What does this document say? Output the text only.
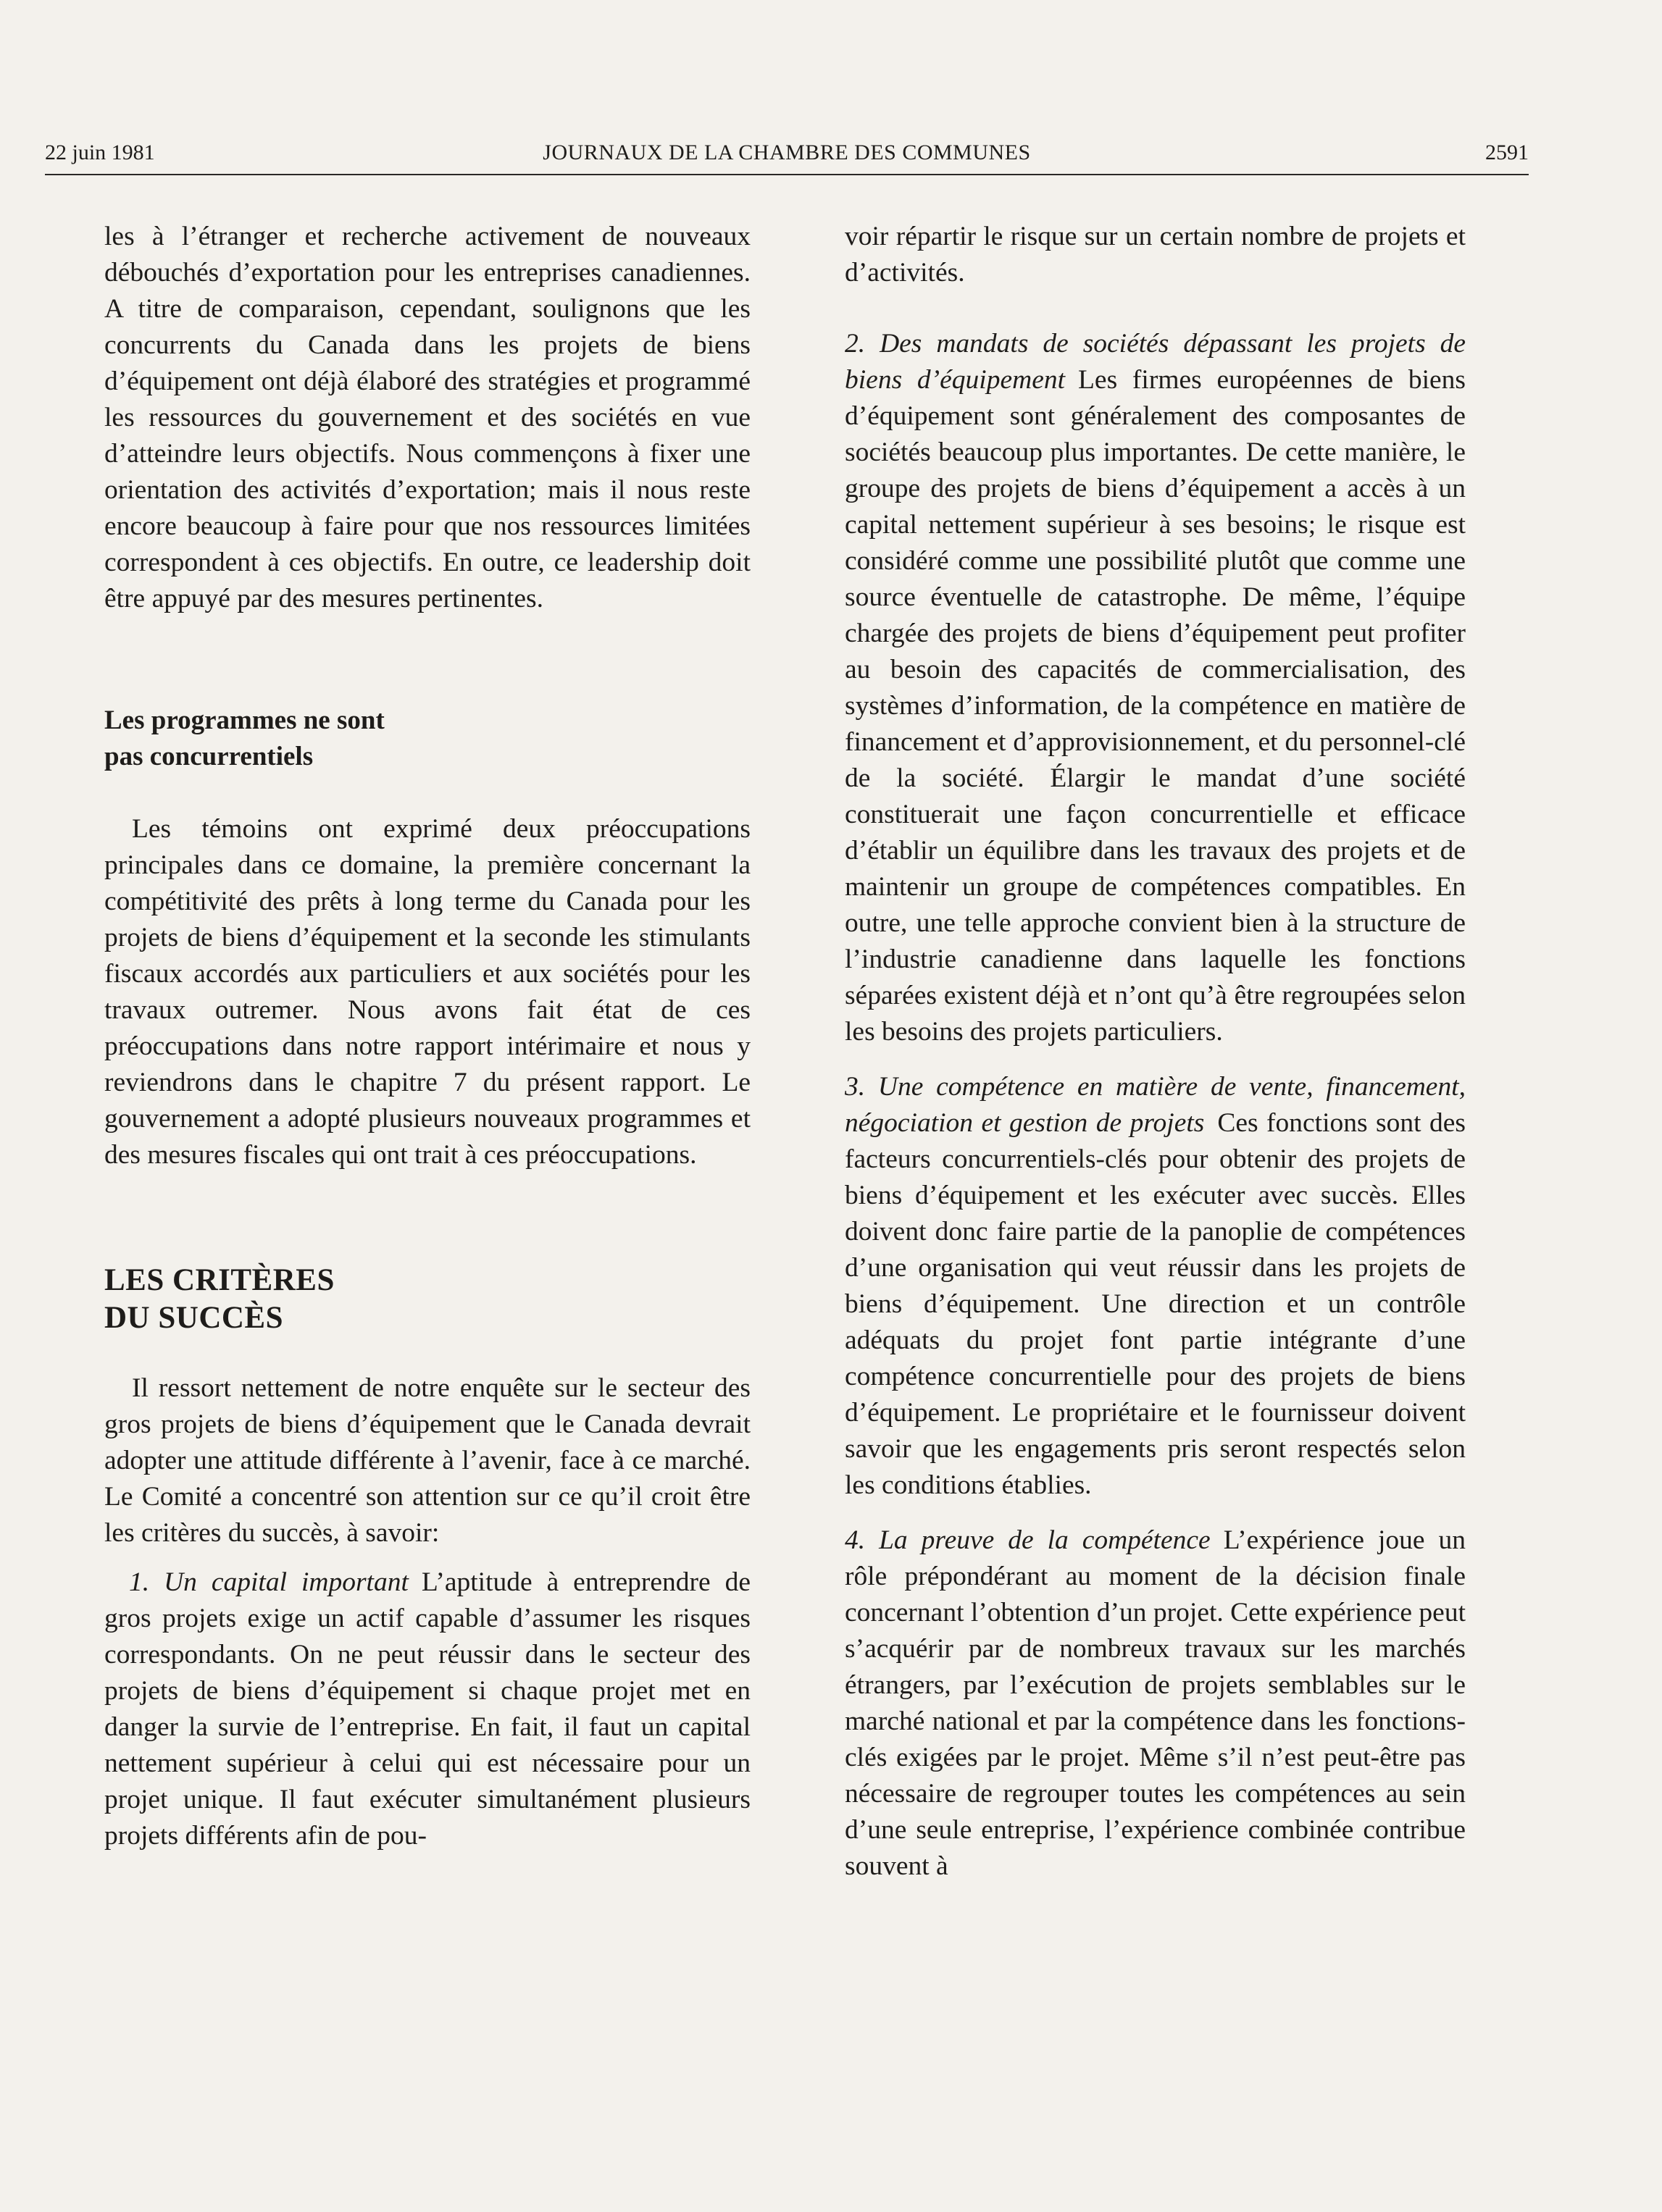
22 juin 1981	JOURNAUX DE LA CHAMBRE DES COMMUNES	2591

les à l’étranger et recherche activement de nouveaux débouchés d’exportation pour les entreprises canadiennes. A titre de comparaison, cependant, soulignons que les concurrents du Canada dans les projets de biens d’équipement ont déjà élaboré des stratégies et programmé les ressources du gouvernement et des sociétés en vue d’atteindre leurs objectifs. Nous commençons à fixer une orientation des activités d’exportation; mais il nous reste encore beaucoup à faire pour que nos ressources limitées correspondent à ces objectifs. En outre, ce leadership doit être appuyé par des mesures pertinentes.

Les programmes ne sont
pas concurrentiels

Les témoins ont exprimé deux préoccupations principales dans ce domaine, la première concernant la compétitivité des prêts à long terme du Canada pour les projets de biens d’équipement et la seconde les stimulants fiscaux accordés aux particuliers et aux sociétés pour les travaux outremer. Nous avons fait état de ces préoccupations dans notre rapport intérimaire et nous y reviendrons dans le chapitre 7 du présent rapport. Le gouvernement a adopté plusieurs nouveaux programmes et des mesures fiscales qui ont trait à ces préoccupations.

LES CRITÈRES
DU SUCCÈS

Il ressort nettement de notre enquête sur le secteur des gros projets de biens d’équipement que le Canada devrait adopter une attitude différente à l’avenir, face à ce marché. Le Comité a concentré son attention sur ce qu’il croit être les critères du succès, à savoir:

1. Un capital important L’aptitude à entreprendre de gros projets exige un actif capable d’assumer les risques correspondants. On ne peut réussir dans le secteur des projets de biens d’équipement si chaque projet met en danger la survie de l’entreprise. En fait, il faut un capital nettement supérieur à celui qui est nécessaire pour un projet unique. Il faut exécuter simultanément plusieurs projets différents afin de pou-

voir répartir le risque sur un certain nombre de projets et d’activités.

2. Des mandats de sociétés dépassant les projets de biens d’équipement Les firmes européennes de biens d’équipement sont généralement des composantes de sociétés beaucoup plus importantes. De cette manière, le groupe des projets de biens d’équipement a accès à un capital nettement supérieur à ses besoins; le risque est considéré comme une possibilité plutôt que comme une source éventuelle de catastrophe. De même, l’équipe chargée des projets de biens d’équipement peut profiter au besoin des capacités de commercialisation, des systèmes d’information, de la compétence en matière de financement et d’approvisionnement, et du personnel-clé de la société. Élargir le mandat d’une société constituerait une façon concurrentielle et efficace d’établir un équilibre dans les travaux des projets et de maintenir un groupe de compétences compatibles. En outre, une telle approche convient bien à la structure de l’industrie canadienne dans laquelle les fonctions séparées existent déjà et n’ont qu’à être regroupées selon les besoins des projets particuliers.

3. Une compétence en matière de vente, financement, négociation et gestion de projets Ces fonctions sont des facteurs concurrentiels-clés pour obtenir des projets de biens d’équipement et les exécuter avec succès. Elles doivent donc faire partie de la panoplie de compétences d’une organisation qui veut réussir dans les projets de biens d’équipement. Une direction et un contrôle adéquats du projet font partie intégrante d’une compétence concurrentielle pour des projets de biens d’équipement. Le propriétaire et le fournisseur doivent savoir que les engagements pris seront respectés selon les conditions établies.

4. La preuve de la compétence L’expérience joue un rôle prépondérant au moment de la décision finale concernant l’obtention d’un projet. Cette expérience peut s’acquérir par de nombreux travaux sur les marchés étrangers, par l’exécution de projets semblables sur le marché national et par la compétence dans les fonctions-clés exigées par le projet. Même s’il n’est peut-être pas nécessaire de regrouper toutes les compétences au sein d’une seule entreprise, l’expérience combinée contribue souvent à
